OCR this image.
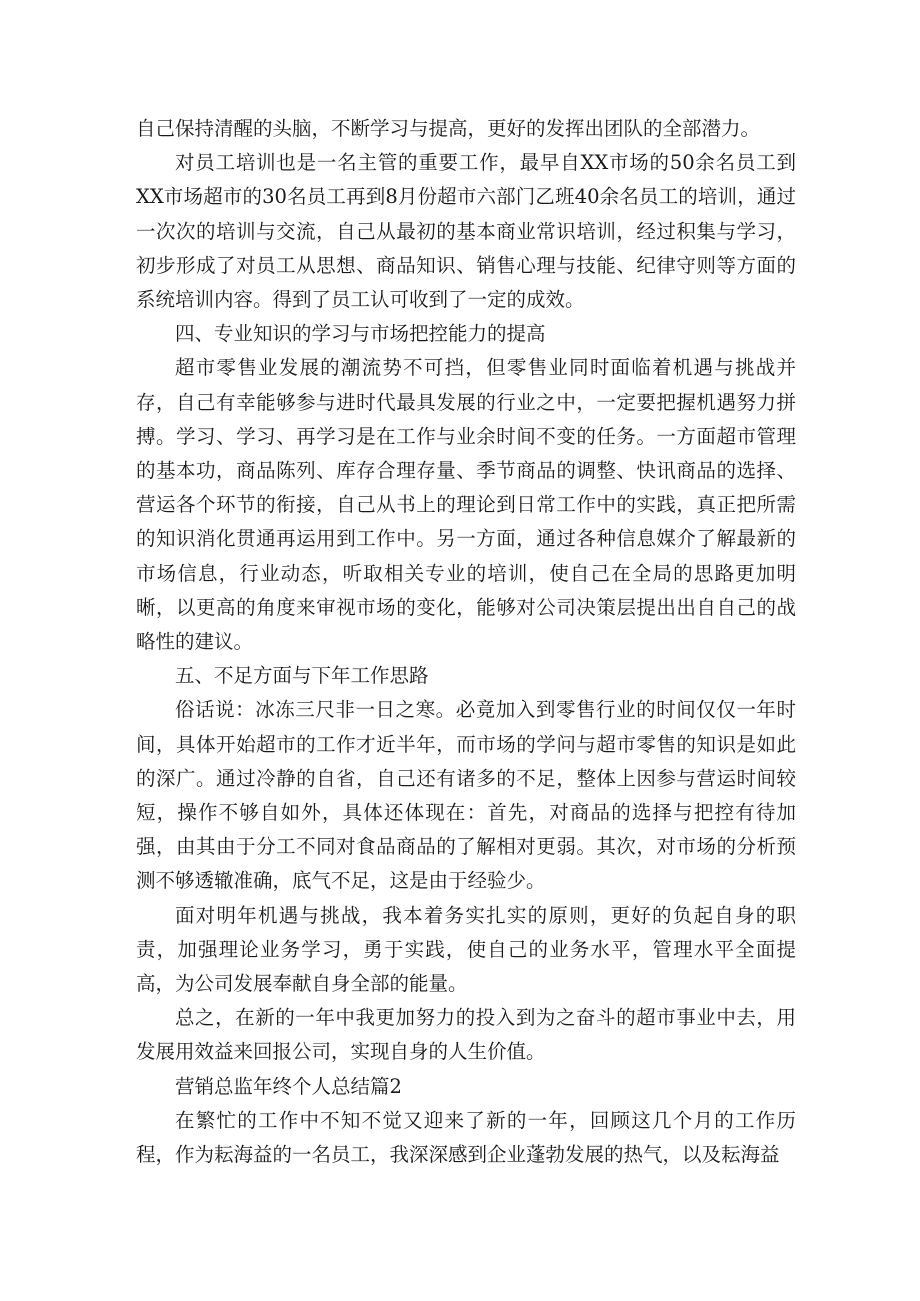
自己保持清醒的头脑，不断学习与提高，更好的发挥出团队的全部潜力。

对员工培训也是一名主管的重要工作，最早自XX市场的50余名员工到XX市场超市的30名员工再到8月份超市六部门乙班40余名员工的培训，通过一次次的培训与交流，自己从最初的基本商业常识培训，经过积集与学习，初步形成了对员工从思想、商品知识、销售心理与技能、纪律守则等方面的系统培训内容。得到了员工认可收到了一定的成效。

四、专业知识的学习与市场把控能力的提高

超市零售业发展的潮流势不可挡，但零售业同时面临着机遇与挑战并存，自己有幸能够参与进时代最具发展的行业之中，一定要把握机遇努力拼搏。学习、学习、再学习是在工作与业余时间不变的任务。一方面超市管理的基本功，商品陈列、库存合理存量、季节商品的调整、快讯商品的选择、营运各个环节的衔接，自己从书上的理论到日常工作中的实践，真正把所需的知识消化贯通再运用到工作中。另一方面，通过各种信息媒介了解最新的市场信息，行业动态，听取相关专业的培训，使自己在全局的思路更加明晰，以更高的角度来审视市场的变化，能够对公司决策层提出出自自己的战略性的建议。

五、不足方面与下年工作思路

俗话说：冰冻三尺非一日之寒。必竟加入到零售行业的时间仅仅一年时间，具体开始超市的工作才近半年，而市场的学问与超市零售的知识是如此的深广。通过冷静的自省，自己还有诸多的不足，整体上因参与营运时间较短，操作不够自如外，具体还体现在：首先，对商品的选择与把控有待加强，由其由于分工不同对食品商品的了解相对更弱。其次，对市场的分析预测不够透辙准确，底气不足，这是由于经验少。

面对明年机遇与挑战，我本着务实扎实的原则，更好的负起自身的职责，加强理论业务学习，勇于实践，使自己的业务水平，管理水平全面提高，为公司发展奉献自身全部的能量。

总之，在新的一年中我更加努力的投入到为之奋斗的超市事业中去，用发展用效益来回报公司，实现自身的人生价值。

营销总监年终个人总结篇2

在繁忙的工作中不知不觉又迎来了新的一年，回顾这几个月的工作历程，作为耘海益的一名员工，我深深感到企业蓬勃发展的热气，以及耘海益
